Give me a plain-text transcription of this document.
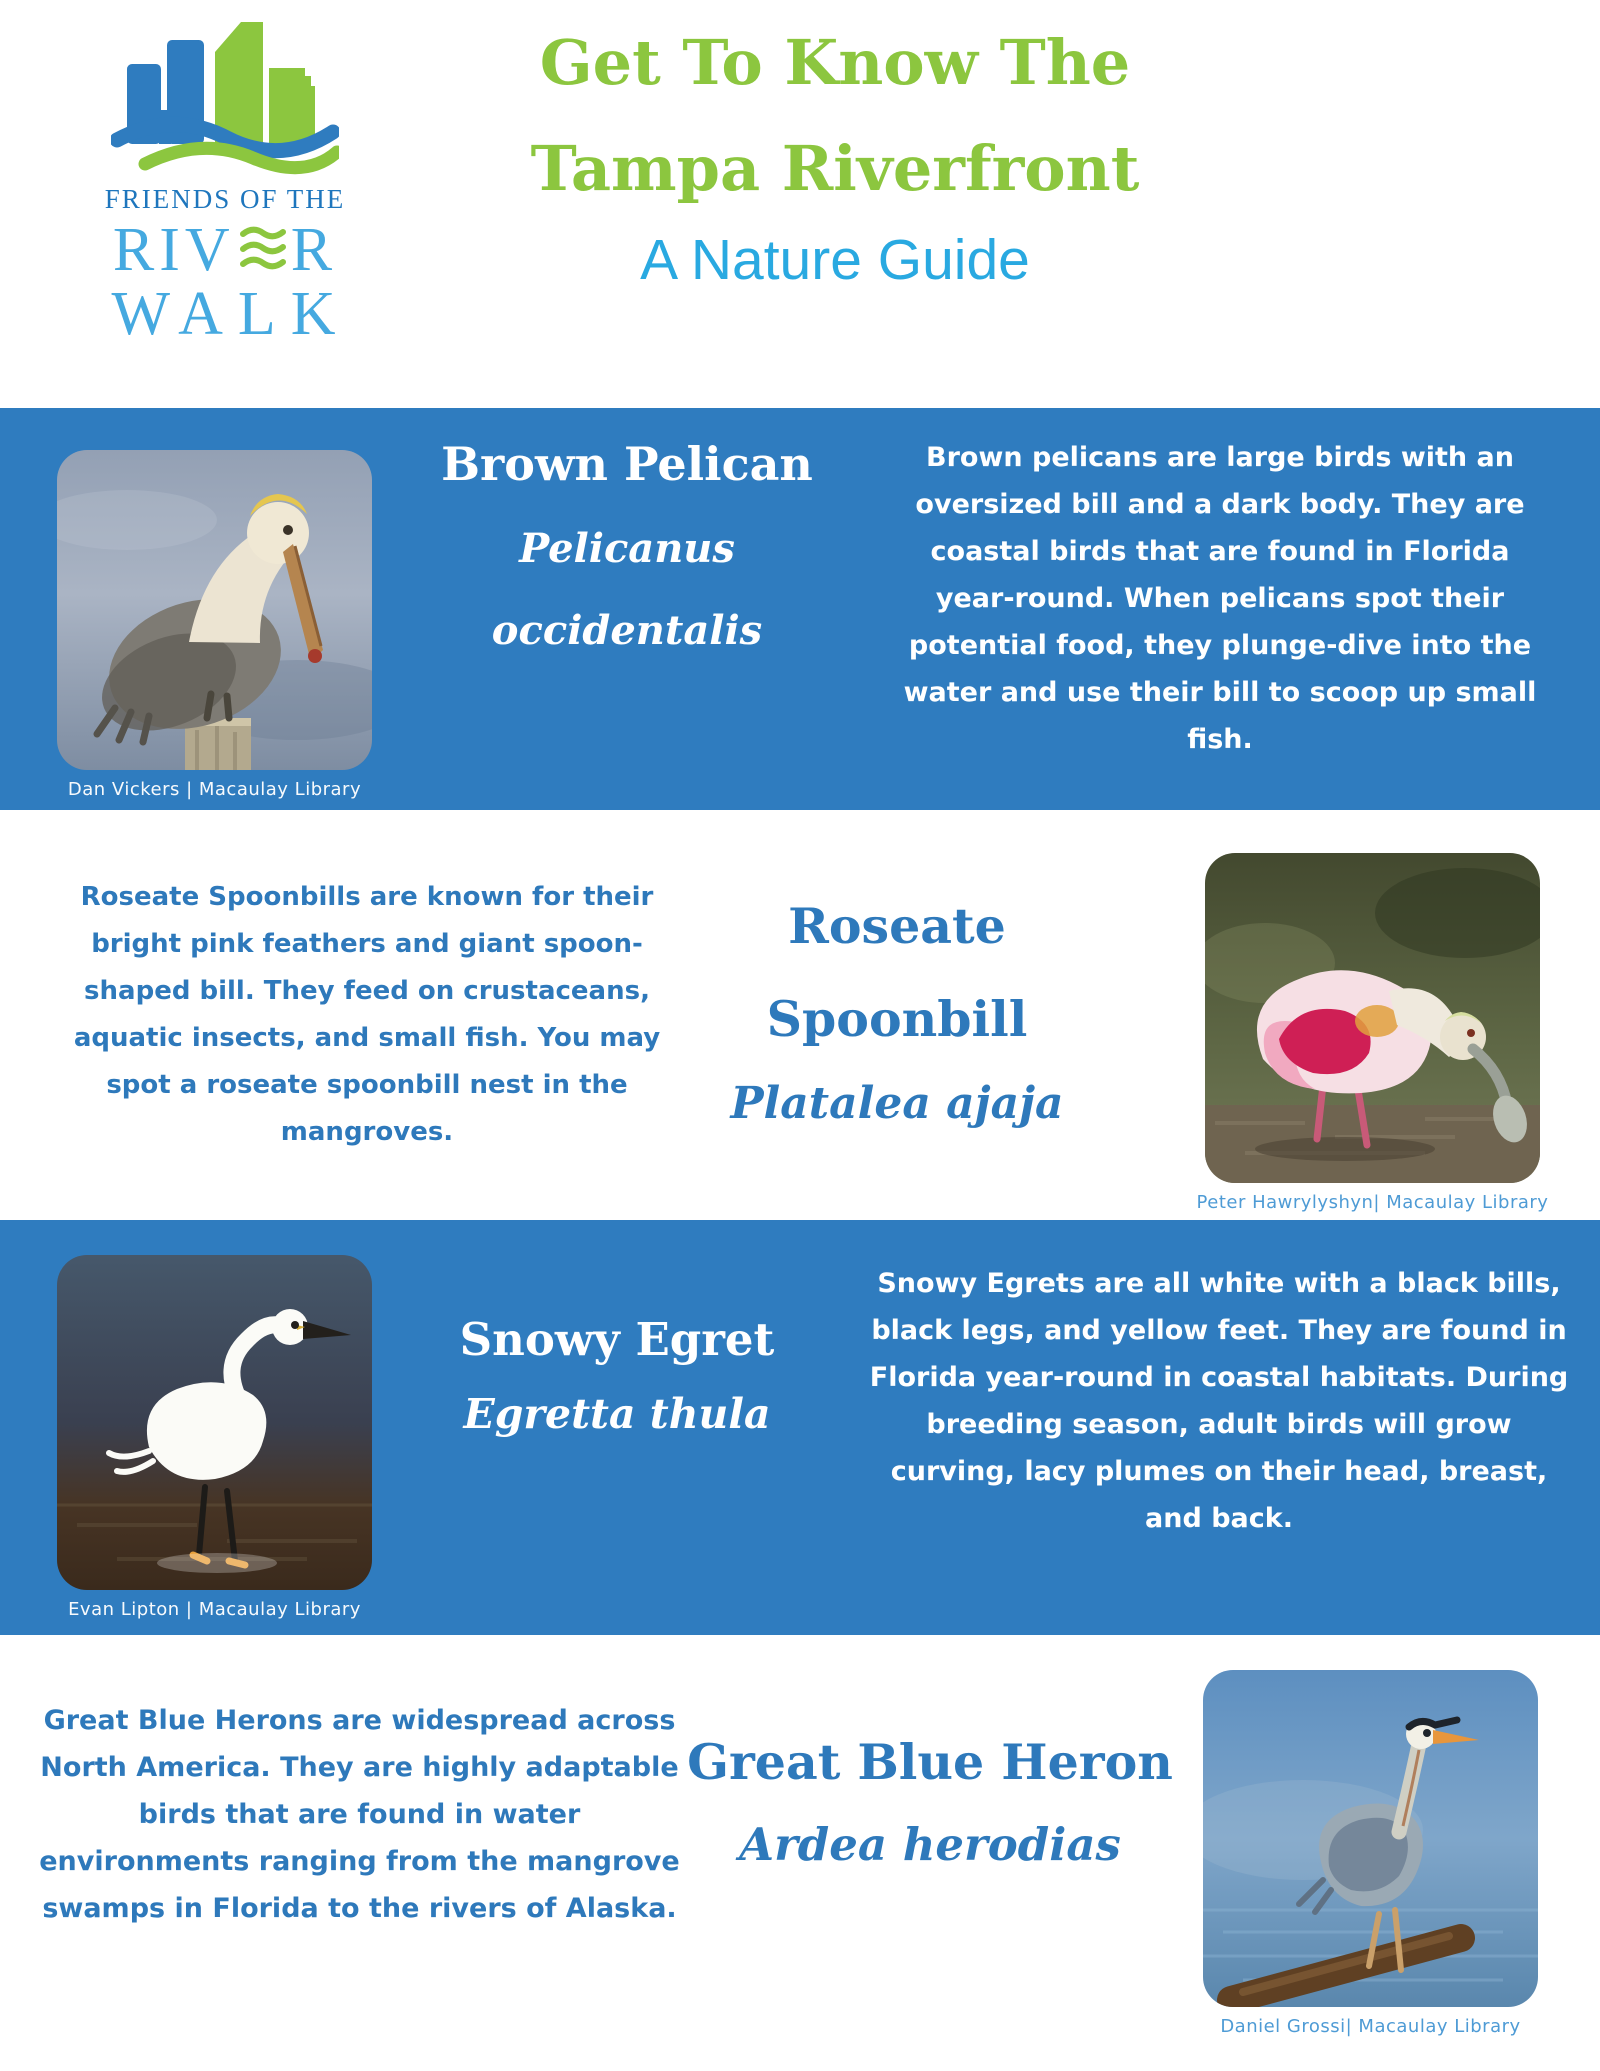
FRIENDS OF THE
RIV R
WALK
Get To Know The
Tampa Riverfront
A Nature Guide
Dan Vickers | Macaulay Library
Brown Pelican
Pelicanus occidentalis

Brown pelicans are large birds with an oversized bill and a dark body. They are coastal birds that are found in Florida year-round. When pelicans spot their potential food, they plunge-dive into the water and use their bill to scoop up small fish.

Roseate Spoonbills are known for their bright pink feathers and giant spoon-shaped bill. They feed on crustaceans, aquatic insects, and small fish. You may spot a roseate spoonbill nest in the mangroves.

Roseate Spoonbill
Platalea ajaja
Peter Hawrylyshyn| Macaulay Library
Evan Lipton | Macaulay Library
Snowy Egret
Egretta thula

Snowy Egrets are all white with a black bills, black legs, and yellow feet. They are found in Florida year-round in coastal habitats. During breeding season, adult birds will grow curving, lacy plumes on their head, breast, and back.

Great Blue Herons are widespread across North America. They are highly adaptable birds that are found in water environments ranging from the mangrove swamps in Florida to the rivers of Alaska.

Great Blue Heron
Ardea herodias
Daniel Grossi| Macaulay Library
